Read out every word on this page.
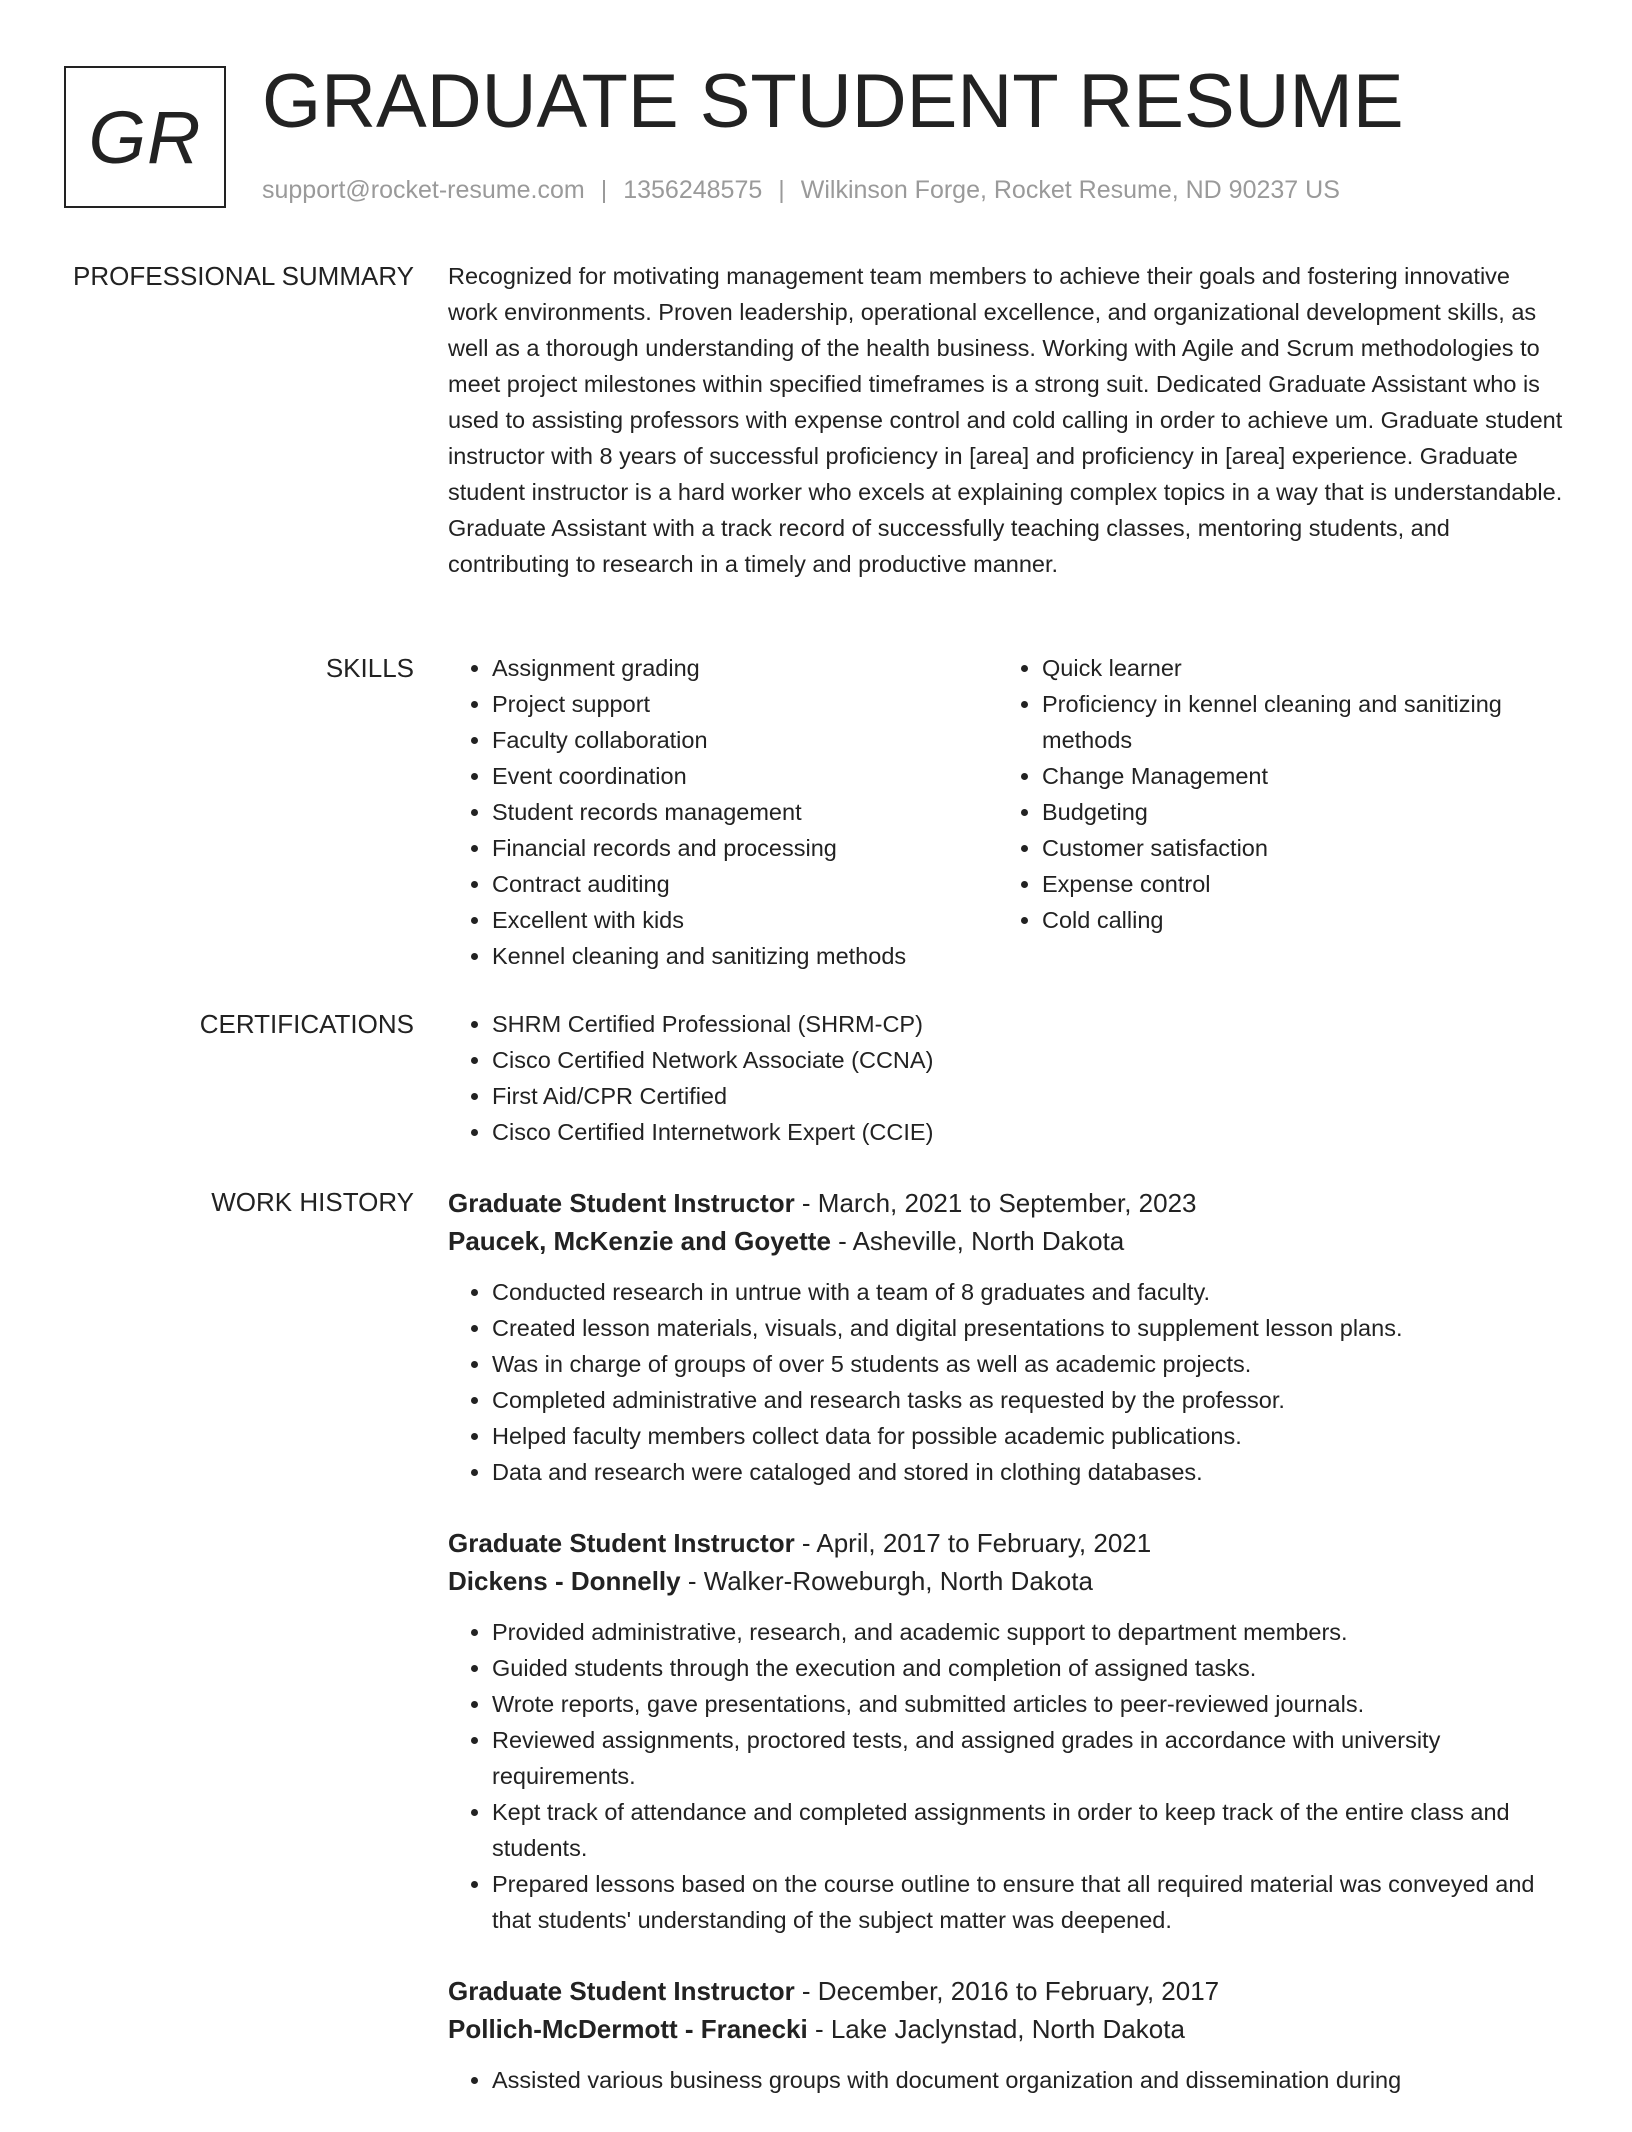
GR GRADUATE STUDENT RESUME
support@rocket-resume.com | 1356248575 | Wilkinson Forge, Rocket Resume, ND 90237 US
PROFESSIONAL SUMMARY Recognized for motivating management team members to achieve their goals and fostering innovative work environments. Proven leadership, operational excellence, and organizational development skills, as well as a thorough understanding of the health business. Working with Agile and Scrum methodologies to meet project milestones within specified timeframes is a strong suit. Dedicated Graduate Assistant who is used to assisting professors with expense control and cold calling in order to achieve um. Graduate student instructor with 8 years of successful proficiency in [area] and proficiency in [area] experience. Graduate student instructor is a hard worker who excels at explaining complex topics in a way that is understandable. Graduate Assistant with a track record of successfully teaching classes, mentoring students, and contributing to research in a timely and productive manner.

SKILLS	• Assignment grading
• Project support
• Faculty collaboration
• Event coordination
• Student records management
• Financial records and processing
• Contract auditing
• Excellent with kids
• Kennel cleaning and sanitizing methods
• Quick learner
• Proficiency in kennel cleaning and sanitizing methods
• Change Management
• Budgeting
• Customer satisfaction
• Expense control
• Cold calling
CERTIFICATIONS	• SHRM Certified Professional (SHRM-CP)
• Cisco Certified Network Associate (CCNA)
• First Aid/CPR Certified
• Cisco Certified Internetwork Expert (CCIE)
WORK HISTORY Graduate Student Instructor - March, 2021 to September, 2023
Paucek, McKenzie and Goyette - Asheville, North Dakota
• Conducted research in untrue with a team of 8 graduates and faculty.
• Created lesson materials, visuals, and digital presentations to supplement lesson plans.
• Was in charge of groups of over 5 students as well as academic projects.
• Completed administrative and research tasks as requested by the professor.
• Helped faculty members collect data for possible academic publications.
• Data and research were cataloged and stored in clothing databases.
Graduate Student Instructor - April, 2017 to February, 2021
Dickens - Donnelly - Walker-Roweburgh, North Dakota
• Provided administrative, research, and academic support to department members.
• Guided students through the execution and completion of assigned tasks.
• Wrote reports, gave presentations, and submitted articles to peer-reviewed journals.
• Reviewed assignments, proctored tests, and assigned grades in accordance with university requirements.
• Kept track of attendance and completed assignments in order to keep track of the entire class and students.
• Prepared lessons based on the course outline to ensure that all required material was conveyed and that students' understanding of the subject matter was deepened.
Graduate Student Instructor - December, 2016 to February, 2017
Pollich-McDermott - Franecki - Lake Jaclynstad, North Dakota
• Assisted various business groups with document organization and dissemination during
